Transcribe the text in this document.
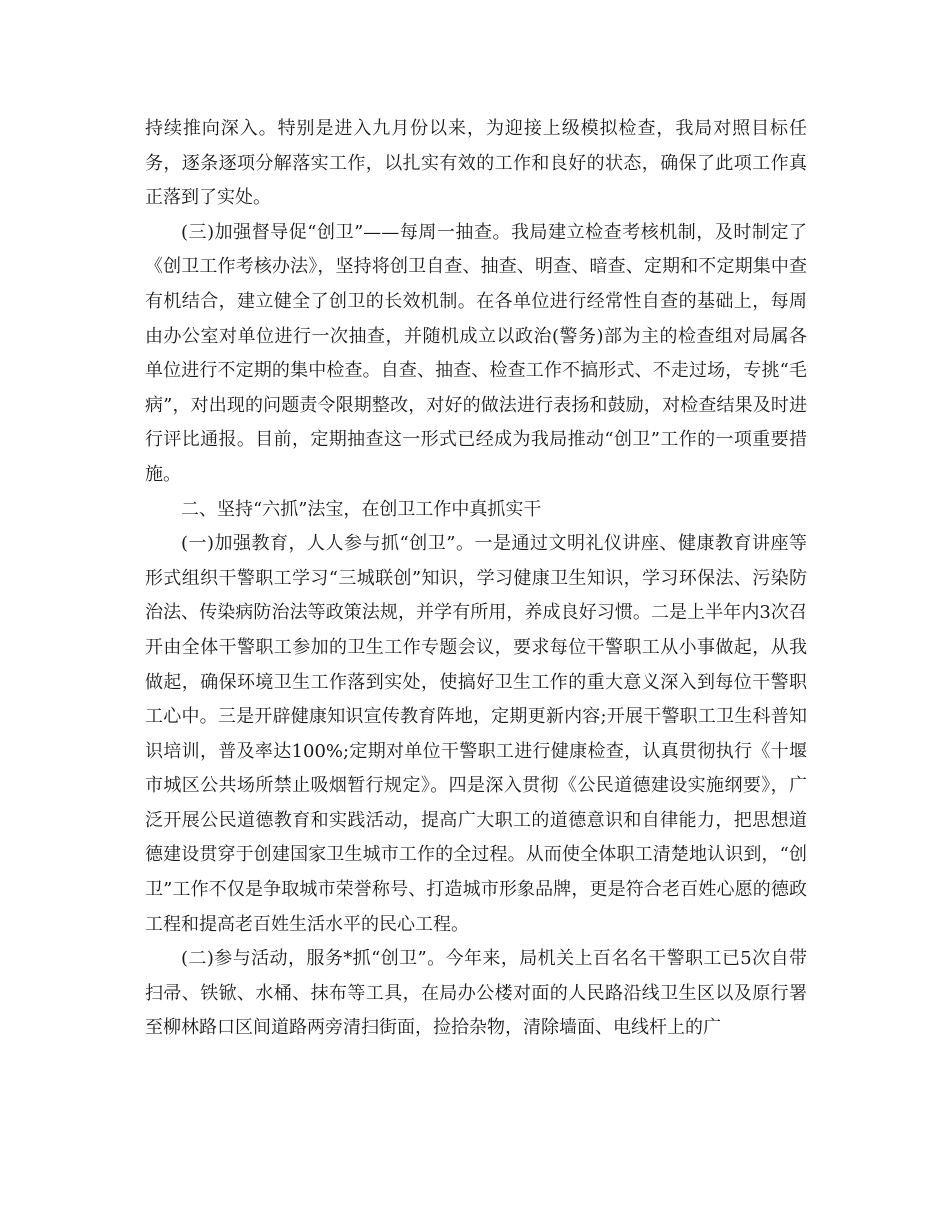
持续推向深入。特别是进入九月份以来，为迎接上级模拟检查，我局对照目标任务，逐条逐项分解落实工作，以扎实有效的工作和良好的状态，确保了此项工作真正落到了实处。

(三)加强督导促“创卫”——每周一抽查。我局建立检查考核机制，及时制定了《创卫工作考核办法》，坚持将创卫自查、抽查、明查、暗查、定期和不定期集中查有机结合，建立健全了创卫的长效机制。在各单位进行经常性自查的基础上，每周由办公室对单位进行一次抽查，并随机成立以政治(警务)部为主的检查组对局属各单位进行不定期的集中检查。自查、抽查、检查工作不搞形式、不走过场，专挑“毛病”，对出现的问题责令限期整改，对好的做法进行表扬和鼓励，对检查结果及时进行评比通报。目前，定期抽查这一形式已经成为我局推动“创卫”工作的一项重要措施。

二、坚持“六抓”法宝，在创卫工作中真抓实干

(一)加强教育，人人参与抓“创卫”。一是通过文明礼仪讲座、健康教育讲座等形式组织干警职工学习“三城联创”知识，学习健康卫生知识，学习环保法、污染防治法、传染病防治法等政策法规，并学有所用，养成良好习惯。二是上半年内3次召开由全体干警职工参加的卫生工作专题会议，要求每位干警职工从小事做起，从我做起，确保环境卫生工作落到实处，使搞好卫生工作的重大意义深入到每位干警职工心中。三是开辟健康知识宣传教育阵地，定期更新内容;开展干警职工卫生科普知识培训，普及率达100%;定期对单位干警职工进行健康检查，认真贯彻执行《十堰市城区公共场所禁止吸烟暂行规定》。四是深入贯彻《公民道德建设实施纲要》，广泛开展公民道德教育和实践活动，提高广大职工的道德意识和自律能力，把思想道德建设贯穿于创建国家卫生城市工作的全过程。从而使全体职工清楚地认识到，“创卫”工作不仅是争取城市荣誉称号、打造城市形象品牌，更是符合老百姓心愿的德政工程和提高老百姓生活水平的民心工程。

(二)参与活动，服务*抓“创卫”。今年来，局机关上百名名干警职工已5次自带扫帚、铁锨、水桶、抹布等工具，在局办公楼对面的人民路沿线卫生区以及原行署至柳林路口区间道路两旁清扫街面，捡拾杂物，清除墙面、电线杆上的广
